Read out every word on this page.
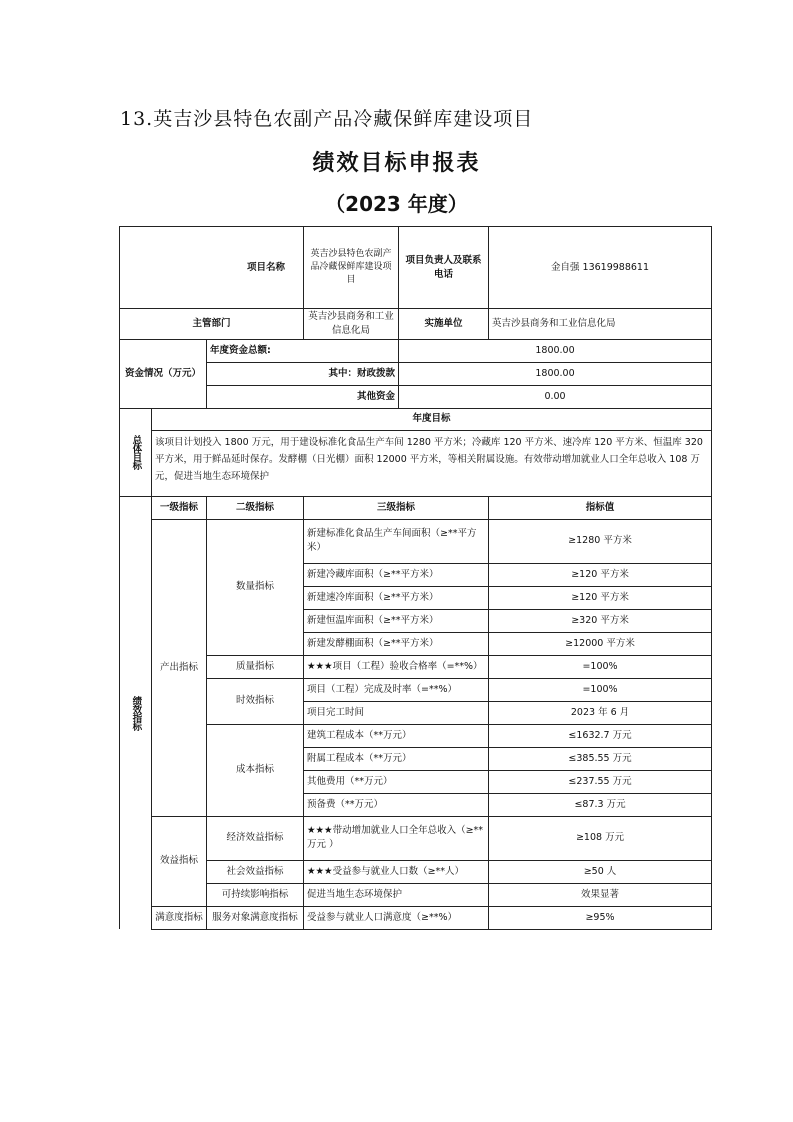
13.英吉沙县特色农副产品冷藏保鲜库建设项目
绩效目标申报表
（2023 年度）
项目名称			英吉沙县特色农副产品冷藏保鲜库建设项目	项目负责人及联系电话	金自强 13619988611
主管部门			英吉沙县商务和工业信息化局	实施单位	英吉沙县商务和工业信息化局
资金情况（万元）		年度资金总额:		1800.00	
		其中：财政拨款		1800.00	
		其他资金		0.00	

总体目标	年度目标				
	该项目计划投入 1800 万元，用于建设标准化食品生产车间 1280 平方米；冷藏库 120 平方米、速冷库 120 平方米、恒温库 320 平方米，用于鲜品延时保存。发酵棚（日光棚）面积 12000 平方米，等相关附属设施。有效带动增加就业人口全年总收入 108 万元，促进当地生态环境保护				

绩效指标	一级指标	二级指标	三级指标		指标值
	产出指标	数量指标	新建标准化食品生产车间面积（≥**平方米）		≥1280 平方米
			新建冷藏库面积（≥**平方米）		≥120 平方米
			新建速冷库面积（≥**平方米）		≥120 平方米
			新建恒温库面积（≥**平方米）		≥320 平方米
			新建发酵棚面积（≥**平方米）		≥12000 平方米
		质量指标	★★★项目（工程）验收合格率（=**%）		=100%
		时效指标	项目（工程）完成及时率（=**%）		=100%
			项目完工时间		2023 年 6 月
		成本指标	建筑工程成本（**万元）		≤1632.7 万元
			附属工程成本（**万元）		≤385.55 万元
			其他费用（**万元）		≤237.55 万元
			预备费（**万元）		≤87.3 万元
	效益指标	经济效益指标	★★★带动增加就业人口全年总收入（≥**万元 ）		≥108 万元
		社会效益指标	★★★受益参与就业人口数（≥**人）		≥50 人
		可持续影响指标	促进当地生态环境保护		效果显著
	满意度指标	服务对象满意度指标	受益参与就业人口满意度（≥**%）		≥95%
